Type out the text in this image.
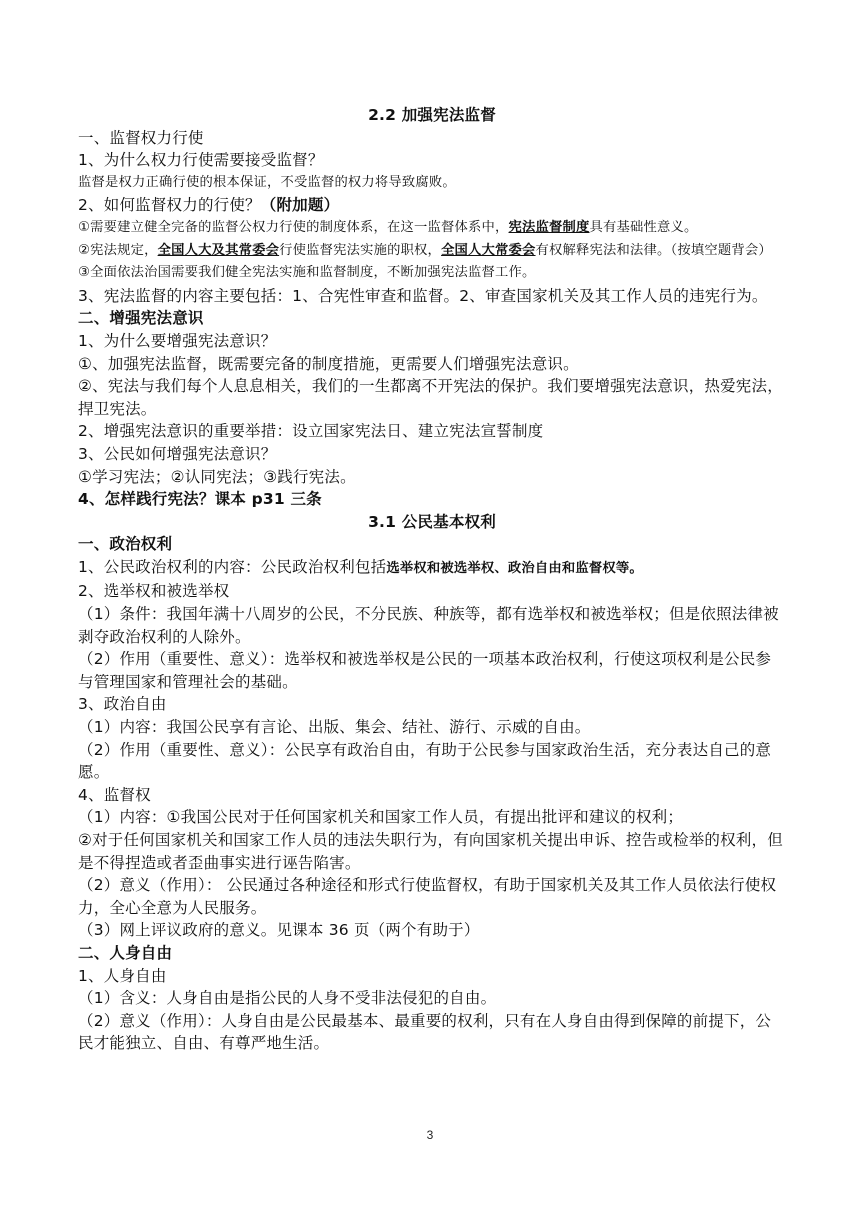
2.2 加强宪法监督
一、监督权力行使
1、为什么权力行使需要接受监督？
监督是权力正确行使的根本保证，不受监督的权力将导致腐败。
2、如何监督权力的行使？（附加题）
①需要建立健全完备的监督公权力行使的制度体系，在这一监督体系中，宪法监督制度具有基础性意义。
②宪法规定，全国人大及其常委会行使监督宪法实施的职权，全国人大常委会有权解释宪法和法律。（按填空题背会）
③全面依法治国需要我们健全宪法实施和监督制度，不断加强宪法监督工作。
3、宪法监督的内容主要包括：1、合宪性审查和监督。2、审查国家机关及其工作人员的违宪行为。
二、增强宪法意识
1、为什么要增强宪法意识？
①、加强宪法监督，既需要完备的制度措施，更需要人们增强宪法意识。
②、宪法与我们每个人息息相关，我们的一生都离不开宪法的保护。我们要增强宪法意识，热爱宪法，捍卫宪法。
2、增强宪法意识的重要举措：设立国家宪法日、建立宪法宣誓制度
3、公民如何增强宪法意识？
①学习宪法；②认同宪法；③践行宪法。
4、怎样践行宪法？课本 p31 三条
3.1 公民基本权利
一、政治权利
1、公民政治权利的内容：公民政治权利包括选举权和被选举权、政治自由和监督权等。
2、选举权和被选举权
（1）条件：我国年满十八周岁的公民，不分民族、种族等，都有选举权和被选举权；但是依照法律被剥夺政治权利的人除外。
（2）作用（重要性、意义）：选举权和被选举权是公民的一项基本政治权利，行使这项权利是公民参与管理国家和管理社会的基础。
3、政治自由
（1）内容：我国公民享有言论、出版、集会、结社、游行、示威的自由。
（2）作用（重要性、意义）：公民享有政治自由，有助于公民参与国家政治生活，充分表达自己的意愿。
4、监督权
（1）内容：①我国公民对于任何国家机关和国家工作人员，有提出批评和建议的权利；
②对于任何国家机关和国家工作人员的违法失职行为，有向国家机关提出申诉、控告或检举的权利，但是不得捏造或者歪曲事实进行诬告陷害。
（2）意义（作用）： 公民通过各种途径和形式行使监督权，有助于国家机关及其工作人员依法行使权力，全心全意为人民服务。
（3）网上评议政府的意义。见课本 36 页（两个有助于）
二、人身自由
1、人身自由
（1）含义：人身自由是指公民的人身不受非法侵犯的自由。
（2）意义（作用）：人身自由是公民最基本、最重要的权利，只有在人身自由得到保障的前提下，公民才能独立、自由、有尊严地生活。
3
